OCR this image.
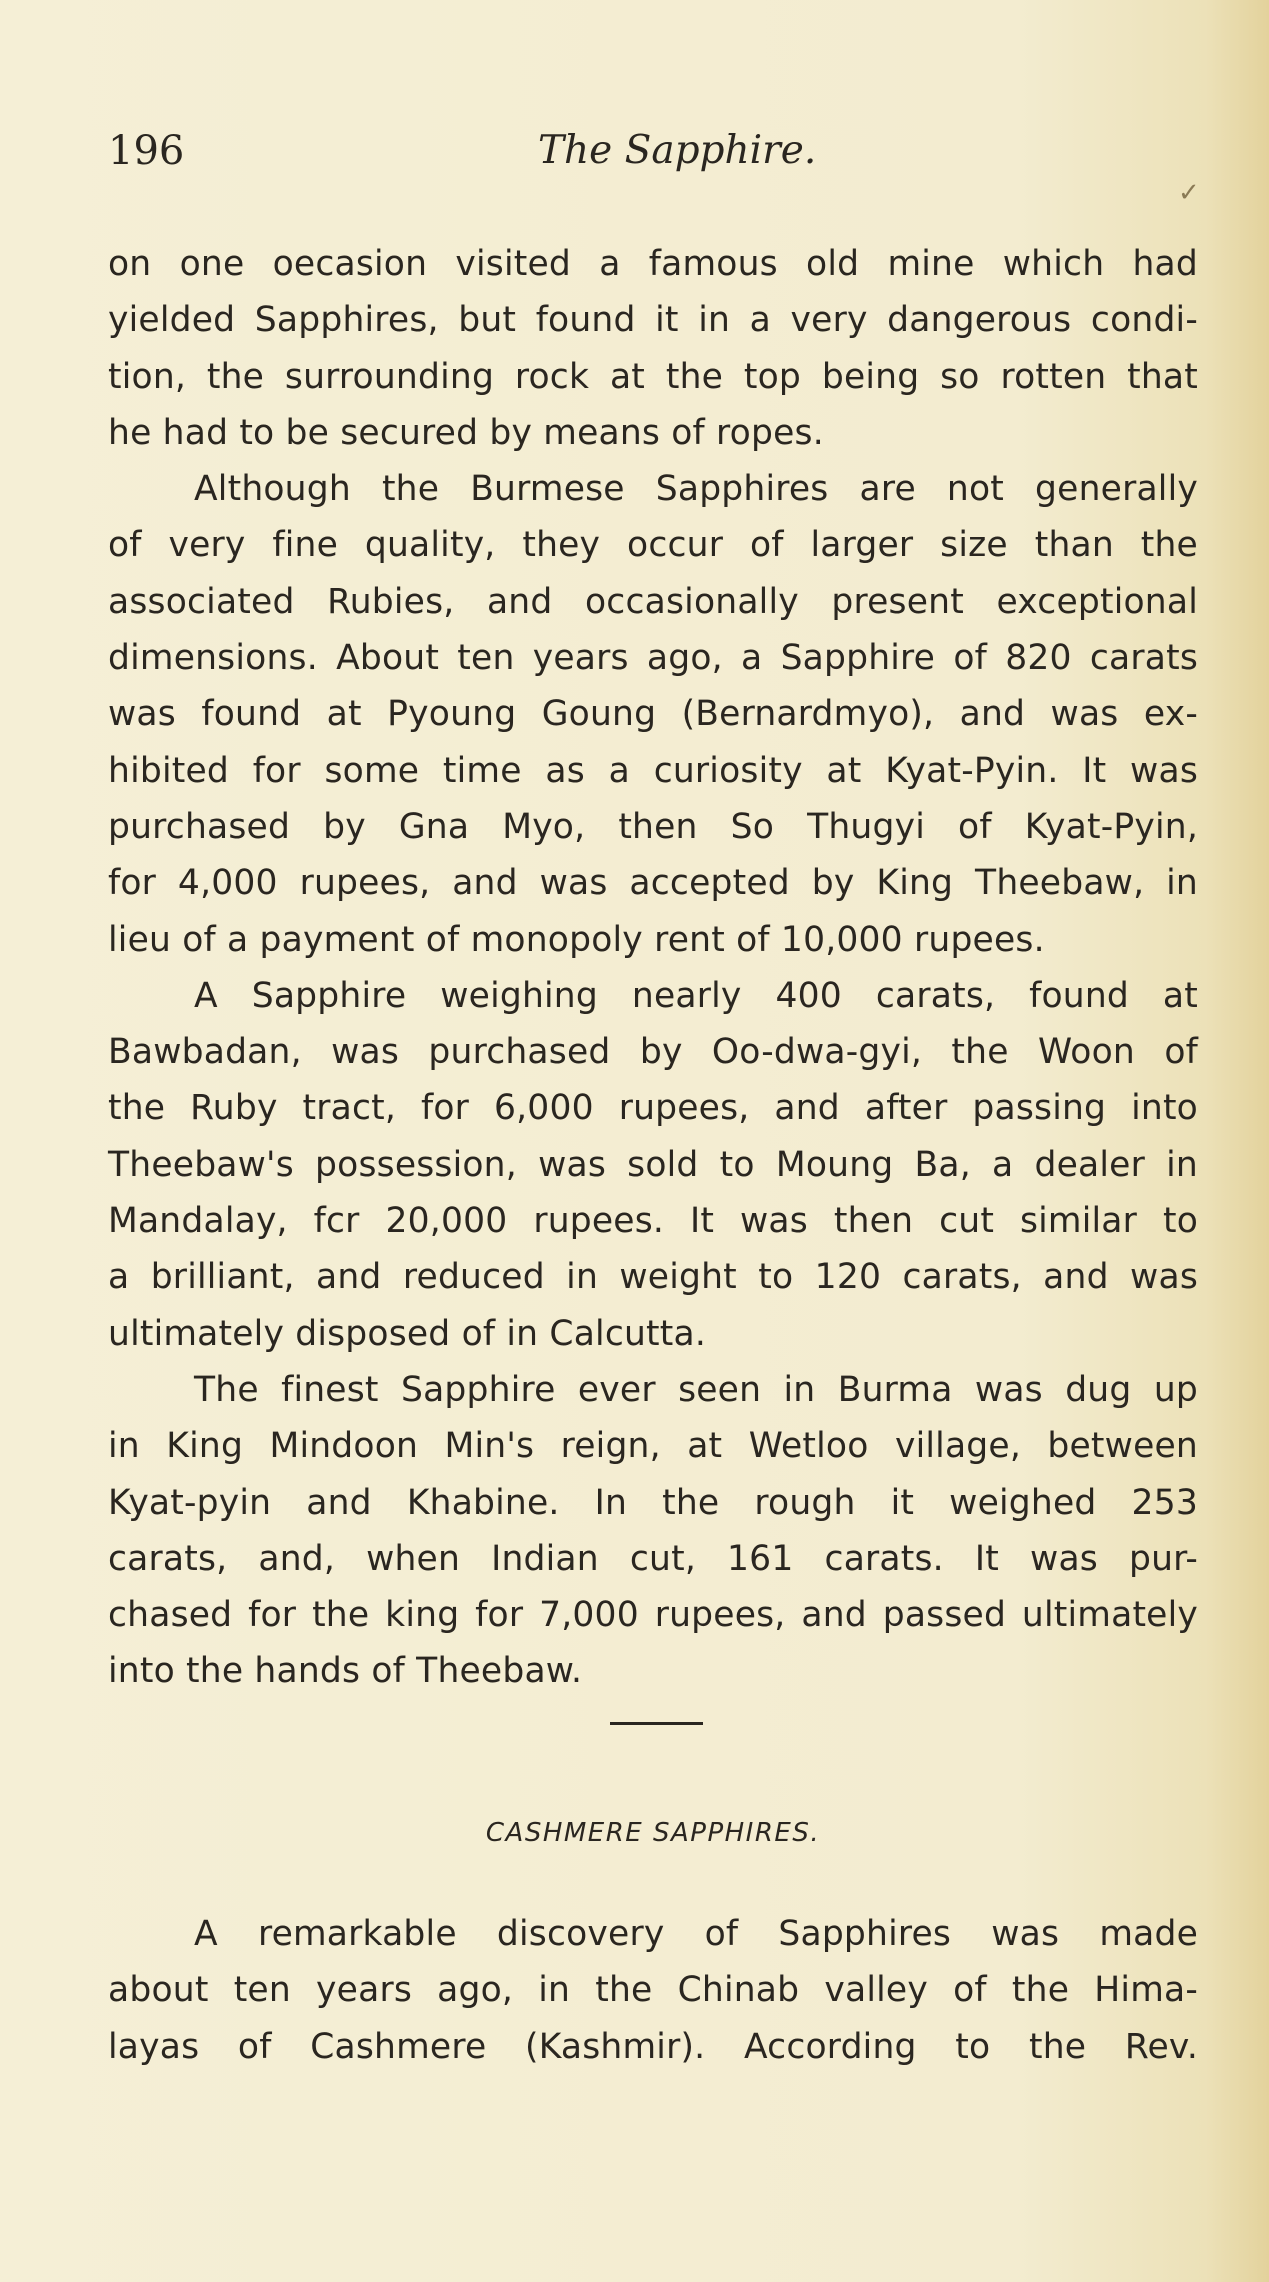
196	The Sapphire.
✓
on one oecasion visited a famous old mine which had
yielded Sapphires, but found it in a very dangerous condi-
tion, the surrounding rock at the top being so rotten that
he had to be secured by means of ropes.
Although the Burmese Sapphires are not generally
of very fine quality, they occur of larger size than the
associated Rubies, and occasionally present exceptional
dimensions. About ten years ago, a Sapphire of 820 carats
was found at Pyoung Goung (Bernardmyo), and was ex-
hibited for some time as a curiosity at Kyat-Pyin. It was
purchased by Gna Myo, then So Thugyi of Kyat-Pyin,
for 4,000 rupees, and was accepted by King Theebaw, in
lieu of a payment of monopoly rent of 10,000 rupees.
A Sapphire weighing nearly 400 carats, found at
Bawbadan, was purchased by Oo-dwa-gyi, the Woon of
the Ruby tract, for 6,000 rupees, and after passing into
Theebaw's possession, was sold to Moung Ba, a dealer in
Mandalay, fcr 20,000 rupees. It was then cut similar to
a brilliant, and reduced in weight to 120 carats, and was
ultimately disposed of in Calcutta.
The finest Sapphire ever seen in Burma was dug up
in King Mindoon Min's reign, at Wetloo village, between
Kyat-pyin and Khabine. In the rough it weighed 253
carats, and, when Indian cut, 161 carats. It was pur-
chased for the king for 7,000 rupees, and passed ultimately
into the hands of Theebaw.
CASHMERE SAPPHIRES.
A remarkable discovery of Sapphires was made
about ten years ago, in the Chinab valley of the Hima-
layas of Cashmere (Kashmir). According to the Rev.
